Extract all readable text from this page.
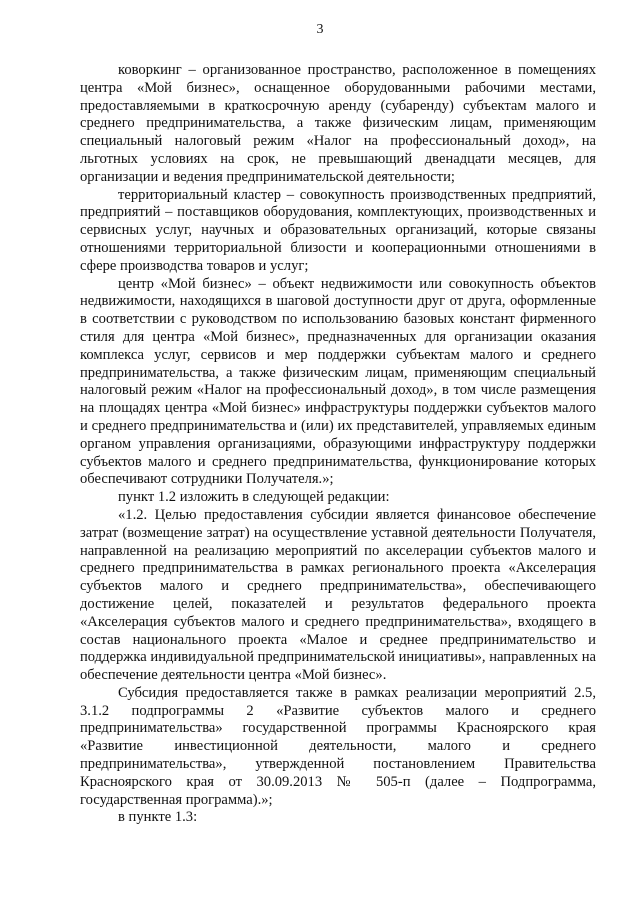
3

коворкинг – организованное пространство, расположенное в помещениях центра «Мой бизнес», оснащенное оборудованными рабочими местами, предоставляемыми в краткосрочную аренду (субаренду) субъектам малого и среднего предпринимательства, а также физическим лицам, применяющим специальный налоговый режим «Налог на профессиональный доход», на льготных условиях на срок, не превышающий двенадцати месяцев, для организации и ведения предпринимательской деятельности;

территориальный кластер – совокупность производственных предприятий, предприятий – поставщиков оборудования, комплектующих, производственных и сервисных услуг, научных и образовательных организаций, которые связаны отношениями территориальной близости и кооперационными отношениями в сфере производства товаров и услуг;

центр «Мой бизнес» – объект недвижимости или совокупность объектов недвижимости, находящихся в шаговой доступности друг от друга, оформленные в соответствии с руководством по использованию базовых констант фирменного стиля для центра «Мой бизнес», предназначенных для организации оказания комплекса услуг, сервисов и мер поддержки субъектам малого и среднего предпринимательства, а также физическим лицам, применяющим специальный налоговый режим «Налог на профессиональный доход», в том числе размещения на площадях центра «Мой бизнес» инфраструктуры поддержки субъектов малого и среднего предпринимательства и (или) их представителей, управляемых единым органом управления организациями, образующими инфраструктуру поддержки субъектов малого и среднего предпринимательства, функционирование которых обеспечивают сотрудники Получателя.»;

пункт 1.2 изложить в следующей редакции:

«1.2. Целью предоставления субсидии является финансовое обеспечение затрат (возмещение затрат) на осуществление уставной деятельности Получателя, направленной на реализацию мероприятий по акселерации субъектов малого и среднего предпринимательства в рамках регионального проекта «Акселерация субъектов малого и среднего предпринимательства», обеспечивающего достижение целей, показателей и результатов федерального проекта «Акселерация субъектов малого и среднего предпринимательства», входящего в состав национального проекта «Малое и среднее предпринимательство и поддержка индивидуальной предпринимательской инициативы», направленных на обеспечение деятельности центра «Мой бизнес».

Субсидия предоставляется также в рамках реализации мероприятий 2.5, 3.1.2 подпрограммы 2 «Развитие субъектов малого и среднего предпринимательства» государственной программы Красноярского края «Развитие инвестиционной деятельности, малого и среднего предпринимательства», утвержденной постановлением Правительства Красноярского края от 30.09.2013 № 505-п (далее – Подпрограмма, государственная программа).»;

в пункте 1.3:
